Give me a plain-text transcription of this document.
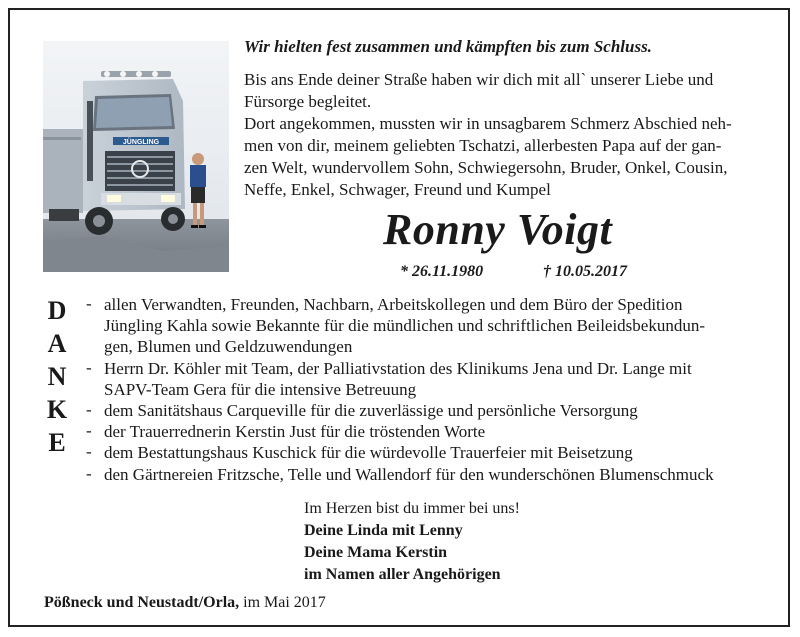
JÜNGLING
Wir hielten fest zusammen und kämpften bis zum Schluss.
Bis ans Ende deiner Straße haben wir dich mit all` unserer Liebe und
Fürsorge begleitet.
Dort angekommen, mussten wir in unsagbarem Schmerz Abschied neh-
men von dir, meinem geliebten Tschatzi, allerbesten Papa auf der gan-
zen Welt, wundervollem Sohn, Schwiegersohn, Bruder, Onkel, Cousin,
Neffe, Enkel, Schwager, Freund und Kumpel
Ronny Voigt
* 26.11.1980	† 10.05.2017
D
A
N
K
E
- allen Verwandten, Freunden, Nachbarn, Arbeitskollegen und dem Büro der Spedition
Jüngling Kahla sowie Bekannte für die mündlichen und schriftlichen Beileidsbekundun-
gen, Blumen und Geldzuwendungen
- Herrn Dr. Köhler mit Team, der Palliativstation des Klinikums Jena und Dr. Lange mit
SAPV-Team Gera für die intensive Betreuung
- dem Sanitätshaus Carqueville für die zuverlässige und persönliche Versorgung
- der Trauerrednerin Kerstin Just für die tröstenden Worte
- dem Bestattungshaus Kuschick für die würdevolle Trauerfeier mit Beisetzung
- den Gärtnereien Fritzsche, Telle und Wallendorf für den wunderschönen Blumenschmuck
Im Herzen bist du immer bei uns!
Deine Linda mit Lenny
Deine Mama Kerstin
im Namen aller Angehörigen
Pößneck und Neustadt/Orla, im Mai 2017
